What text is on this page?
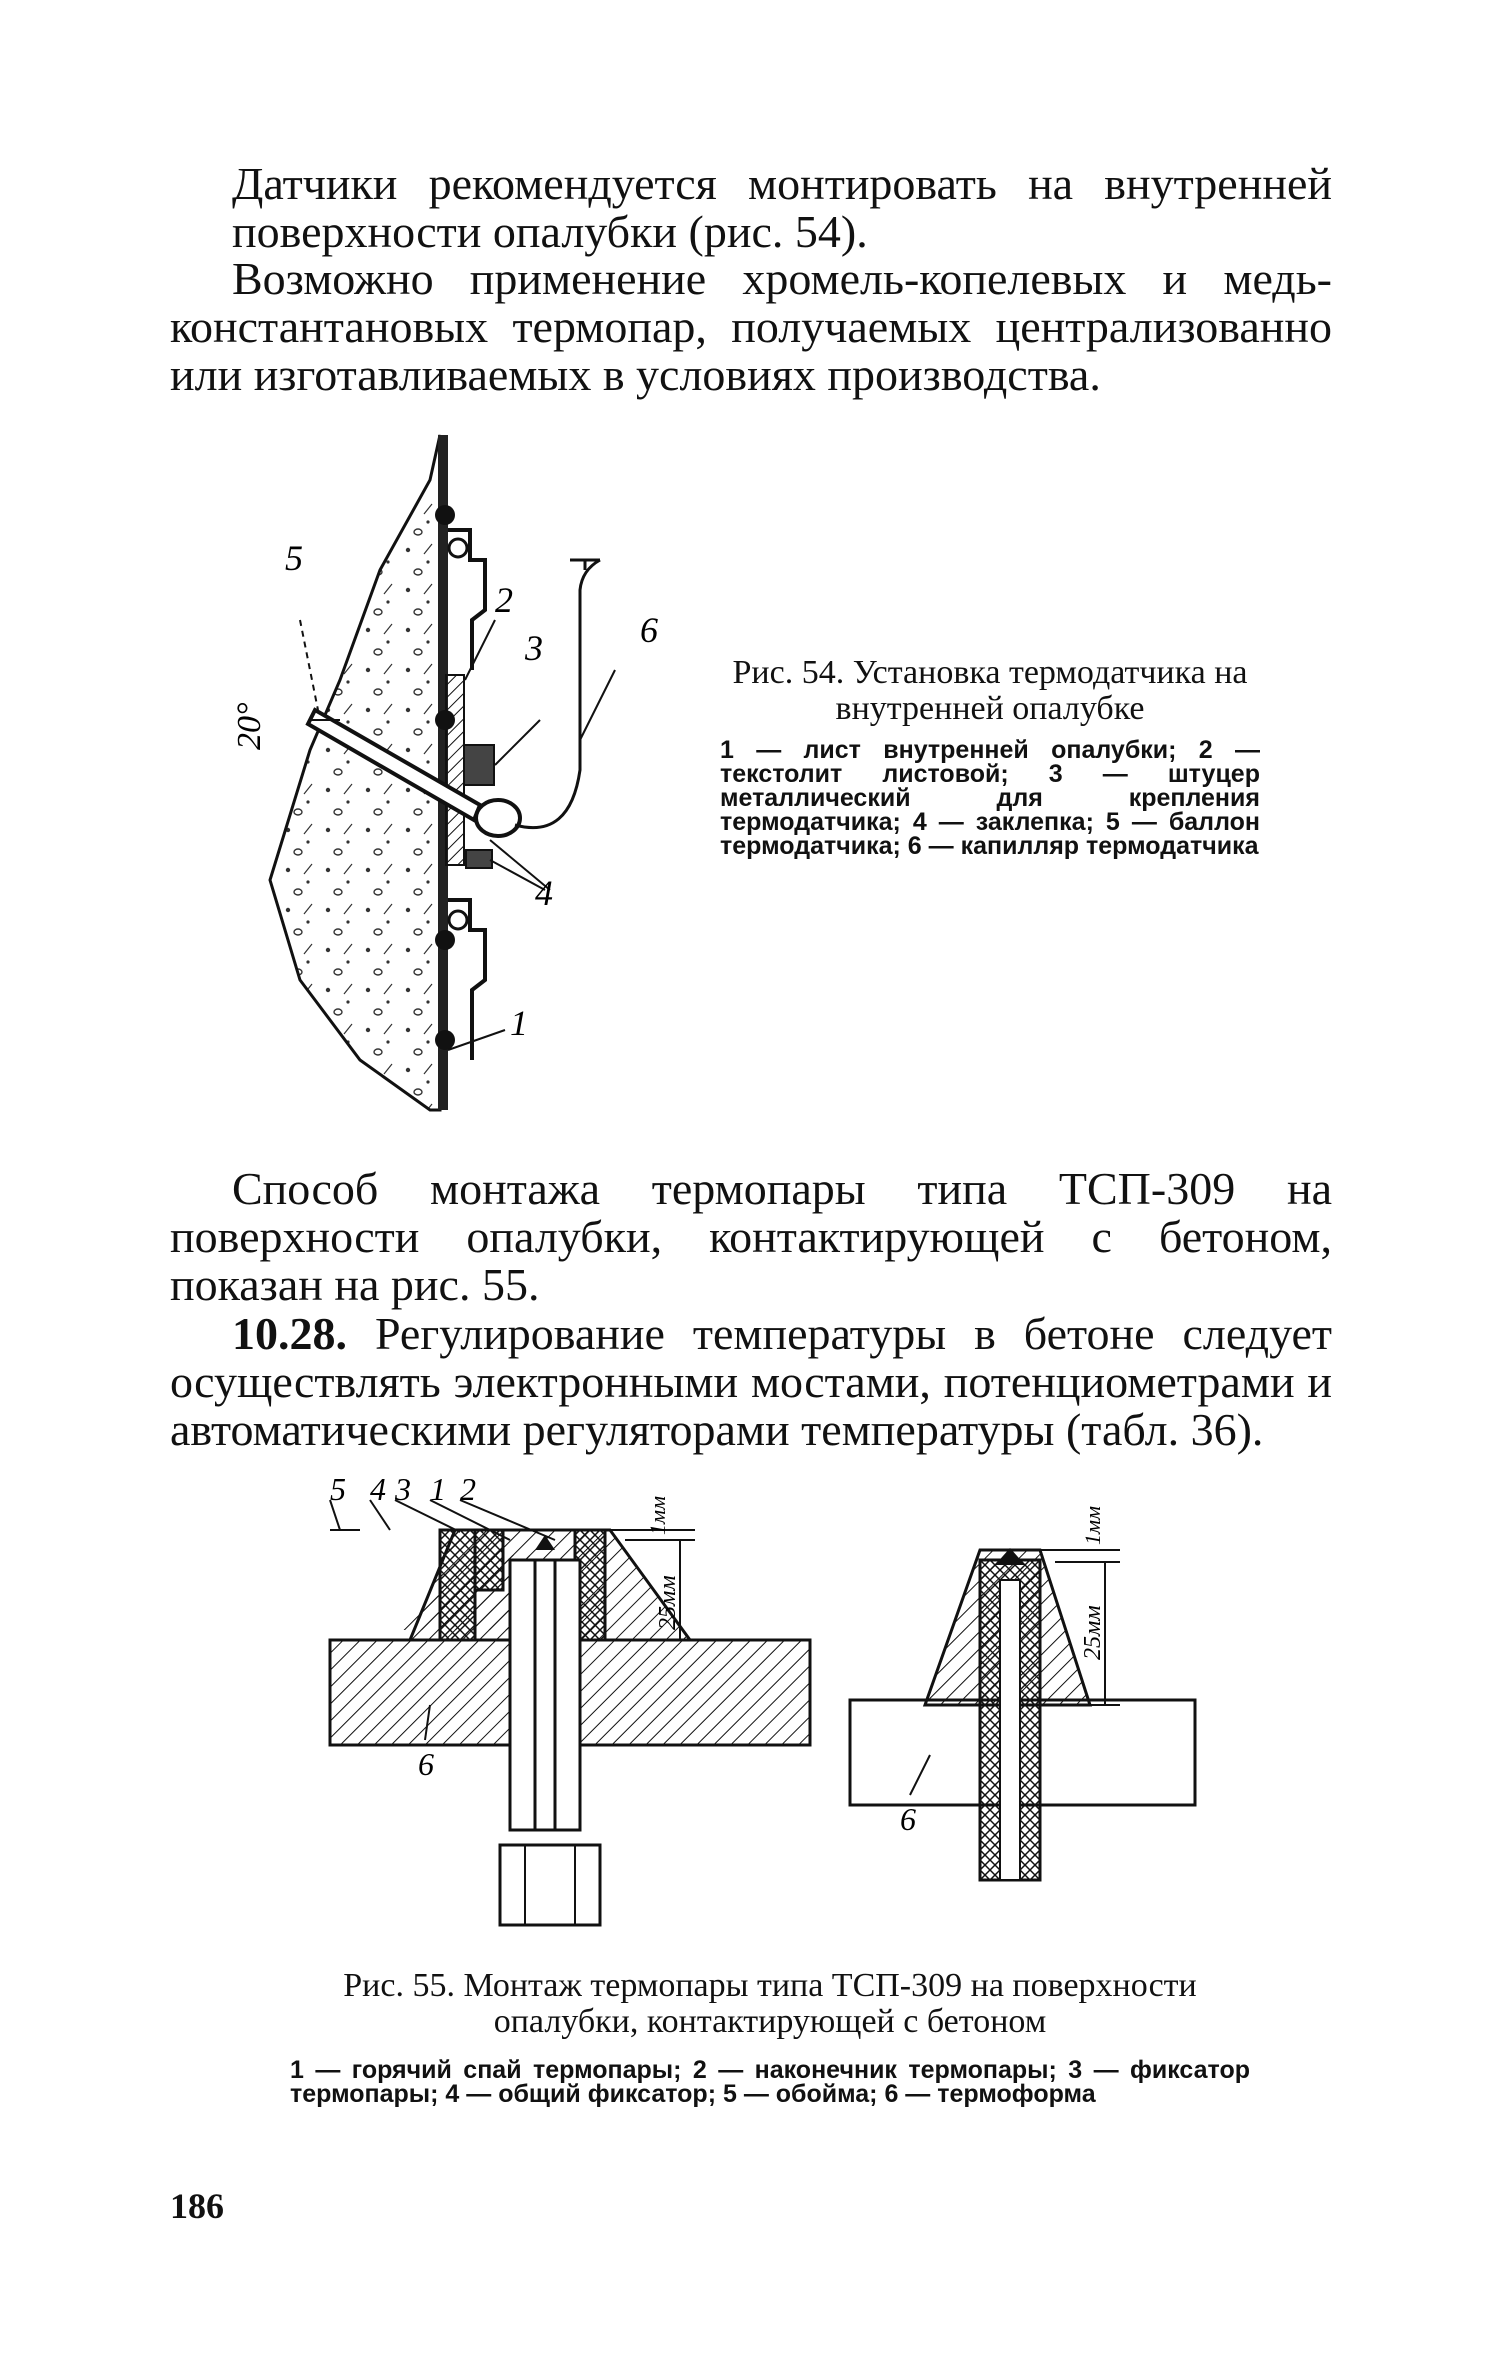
Датчики рекомендуется монтировать на внутренней поверхности опалубки (рис. 54).

Возможно применение хромель-копелевых и медь-константановых термопар, получаемых централизованно или изготавливаемых в условиях производства.

5
2
3	6
4
1
20°

Рис. 54. Установка термодатчика на внутренней опалубке

1 — лист внутренней опалубки; 2 — текстолит листовой; 3 — штуцер металлический для крепления термодатчика; 4 — заклепка; 5 — баллон термодатчика; 6 — капилляр термодатчика

Способ монтажа термопары типа ТСП-309 на поверхности опалубки, контактирующей с бетоном, показан на рис. 55.

10.28. Регулирование температуры в бетоне следует осуществлять электронными мостами, потенциометрами и автоматическими регуляторами температуры (табл. 36).

5 4 3 1 2
6
6
1мм
25мм
1мм
25мм

Рис. 55. Монтаж термопары типа ТСП-309 на поверхности опалубки, контактирующей с бетоном

1 — горячий спай термопары; 2 — наконечник термопары; 3 — фиксатор термопары; 4 — общий фиксатор; 5 — обойма; 6 — термоформа

186
